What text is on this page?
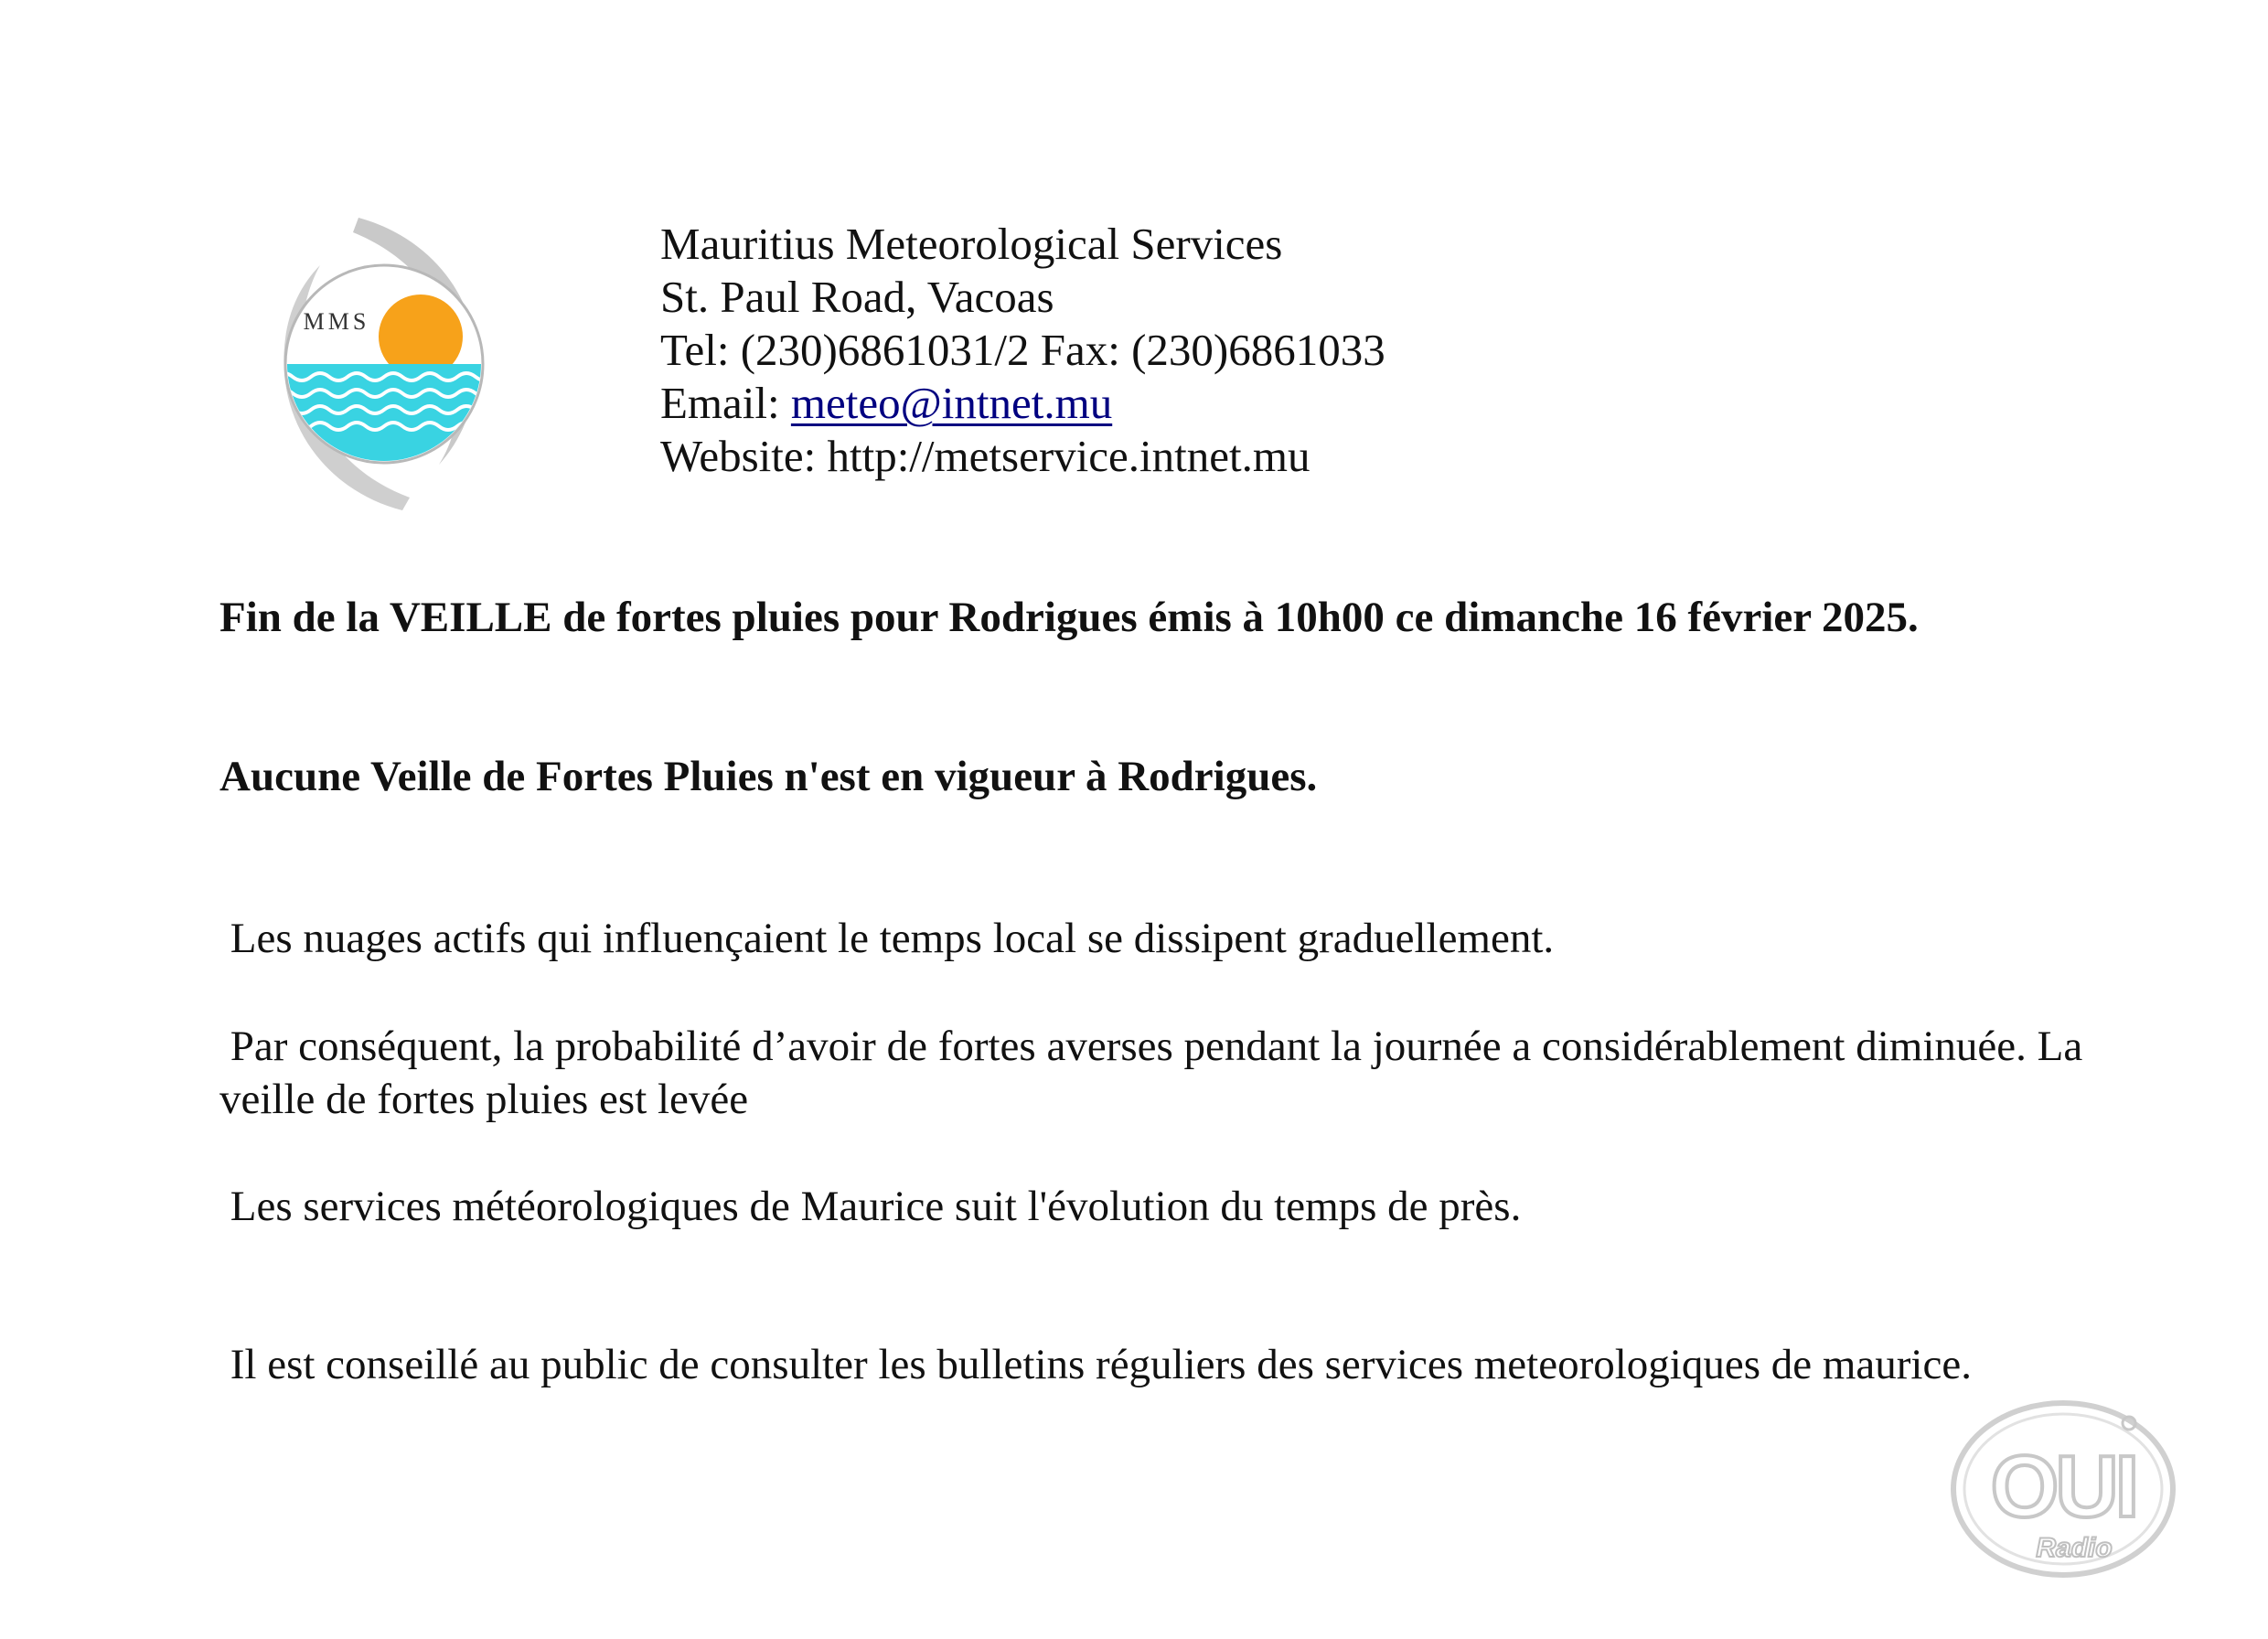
MMS
Mauritius Meteorological Services
St. Paul Road, Vacoas
Tel: (230)6861031/2 Fax: (230)6861033
Email: meteo@intnet.mu
Website: http://metservice.intnet.mu
Fin de la VEILLE de fortes pluies pour Rodrigues émis à 10h00 ce dimanche 16 février 2025.
Aucune Veille de Fortes Pluies n'est en vigueur à Rodrigues.
Les nuages actifs qui influençaient le temps local se dissipent graduellement.
Par conséquent, la probabilité d’avoir de fortes averses pendant la journée a considérablement diminuée. La veille de fortes pluies est levée
Les services météorologiques de Maurice suit l'évolution du temps de près.
Il est conseillé au public de consulter les bulletins réguliers des services meteorologiques de maurice.
OUI
Radio
